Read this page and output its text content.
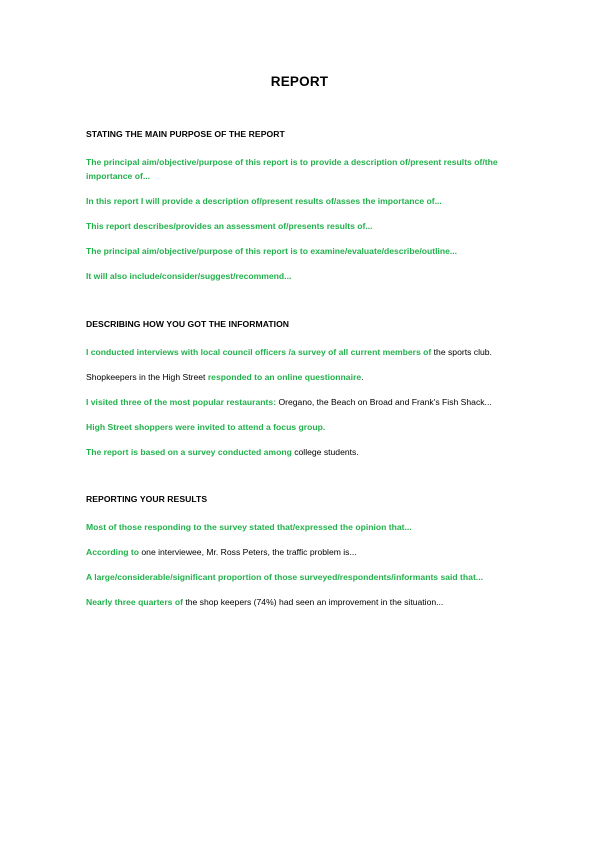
REPORT
STATING THE MAIN PURPOSE OF THE REPORT

The principal aim/objective/purpose of this report is to provide a description of/present results of/the importance of...

In this report I will provide a description of/present results of/asses the importance of...

This report describes/provides an assessment of/presents results of...

The principal aim/objective/purpose of this report is to examine/evaluate/describe/outline...

It will also include/consider/suggest/recommend...

DESCRIBING HOW YOU GOT THE INFORMATION

I conducted interviews with local council officers /a survey of all current members of the sports club.

Shopkeepers in the High Street responded to an online questionnaire.

I visited three of the most popular restaurants: Oregano, the Beach on Broad and Frank's Fish Shack...

High Street shoppers were invited to attend a focus group.

The report is based on a survey conducted among college students.

REPORTING YOUR RESULTS

Most of those responding to the survey stated that/expressed the opinion that...

According to one interviewee, Mr. Ross Peters, the traffic problem is...

A large/considerable/significant proportion of those surveyed/respondents/informants said that...

Nearly three quarters of the shop keepers (74%) had seen an improvement in the situation...
